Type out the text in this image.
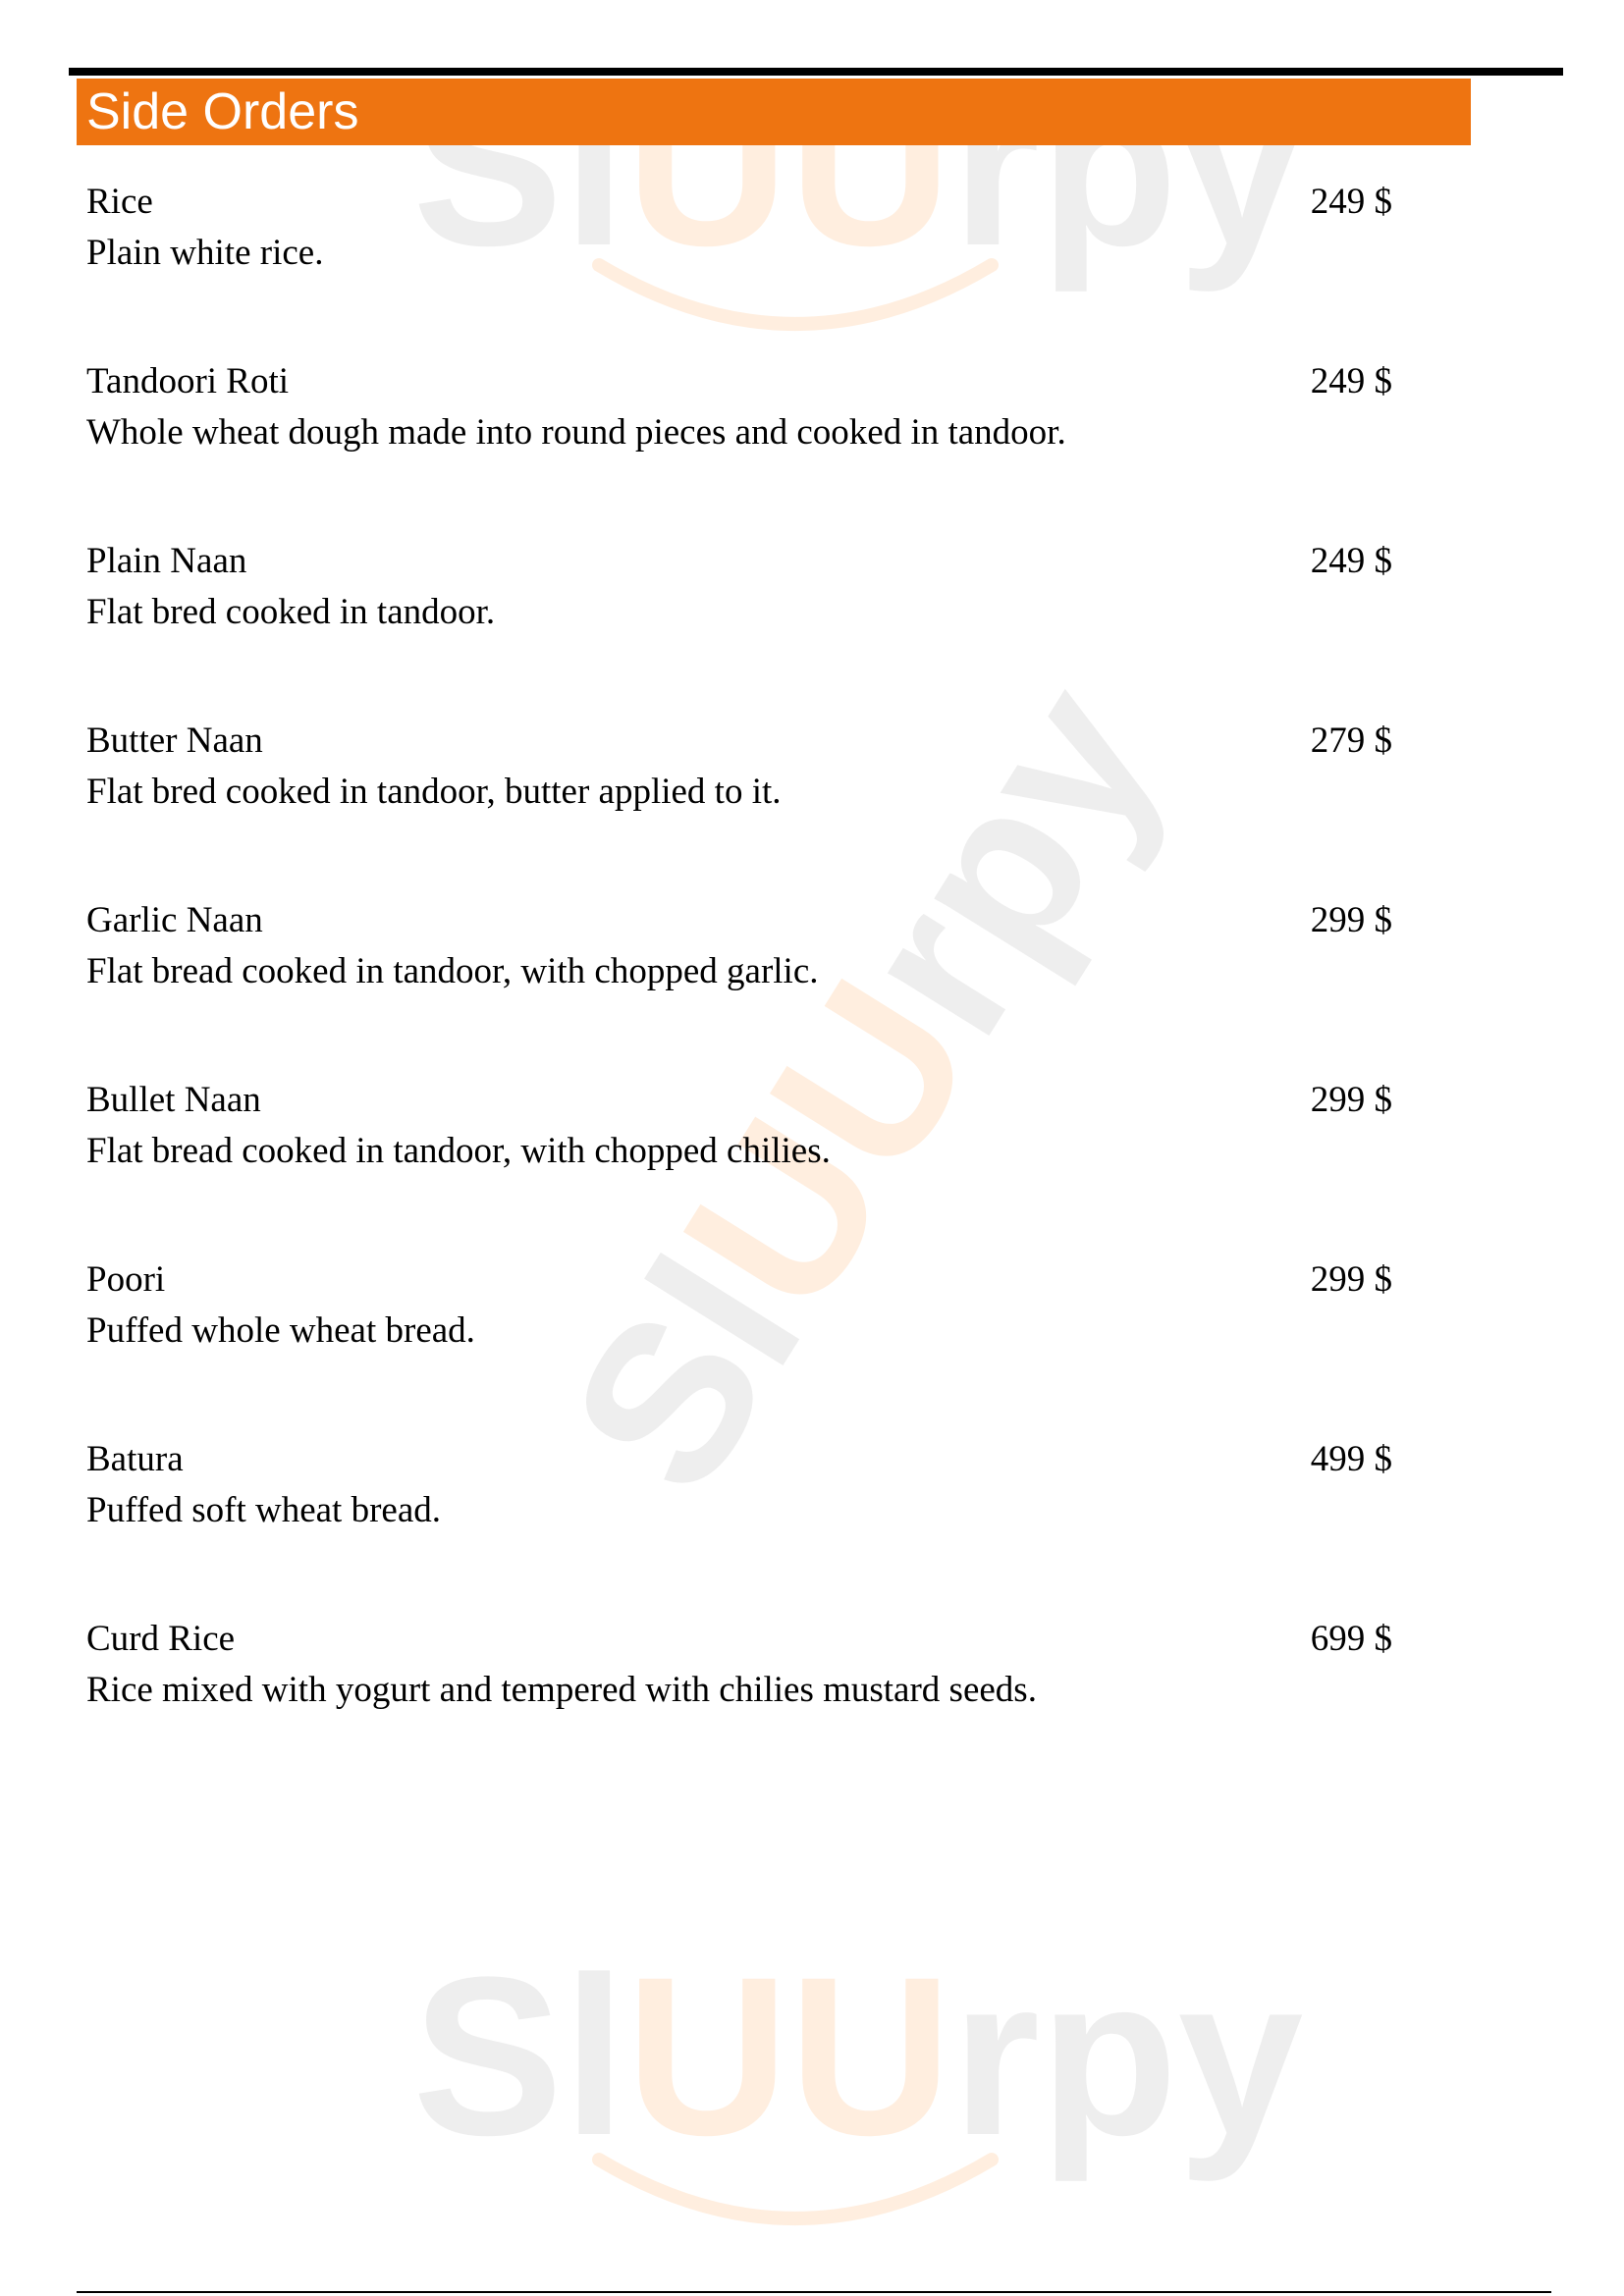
SlUUrpy
SlUUrpy
SlUUrpy
Side Orders
Rice
Plain white rice.
249 $
Tandoori Roti
Whole wheat dough made into round pieces and cooked in tandoor.
249 $
Plain Naan
Flat bred cooked in tandoor.
249 $
Butter Naan
Flat bred cooked in tandoor, butter applied to it.
279 $
Garlic Naan
Flat bread cooked in tandoor, with chopped garlic.
299 $
Bullet Naan
Flat bread cooked in tandoor, with chopped chilies.
299 $
Poori
Puffed whole wheat bread.
299 $
Batura
Puffed soft wheat bread.
499 $
Curd Rice
Rice mixed with yogurt and tempered with chilies mustard seeds.
699 $
